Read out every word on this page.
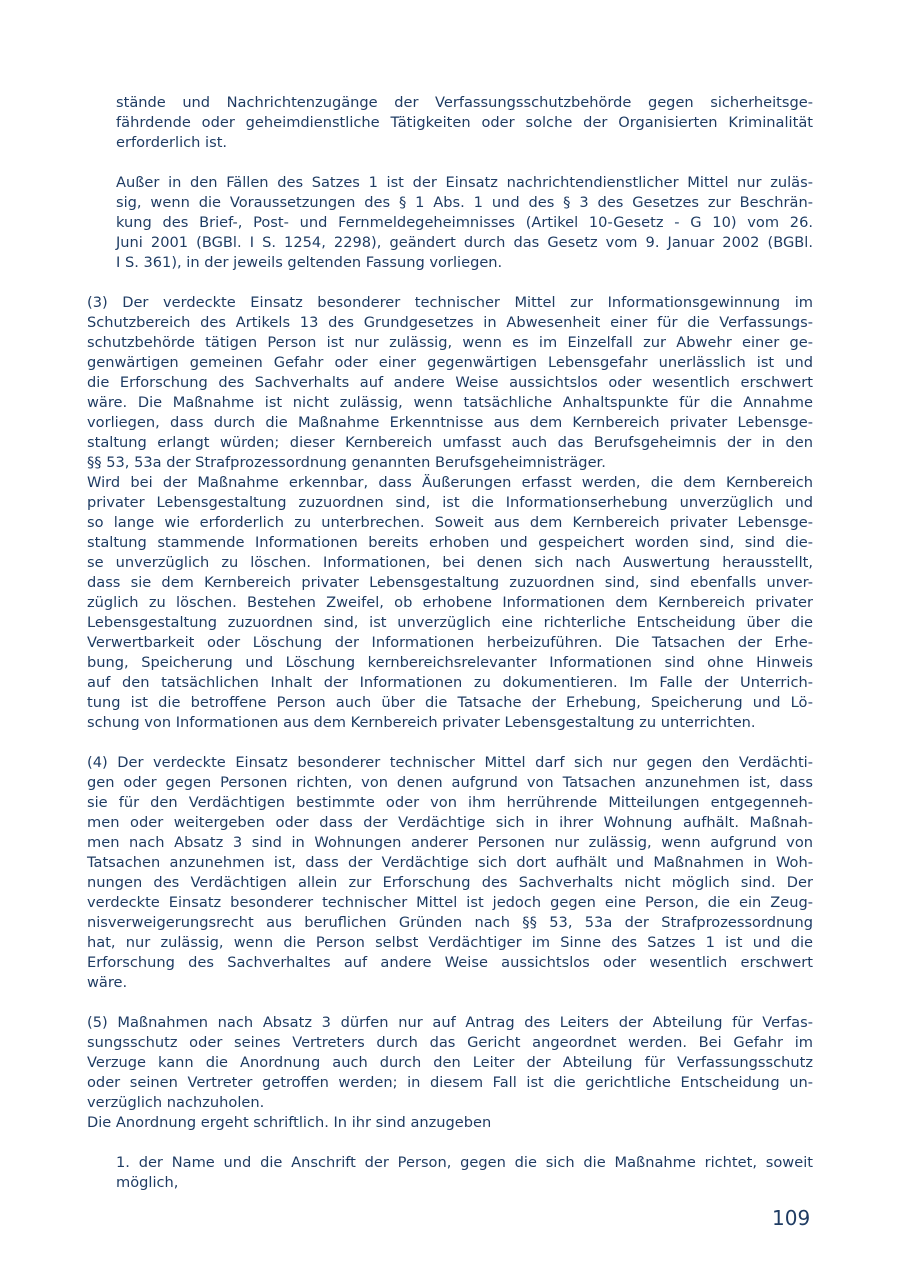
stände und Nachrichtenzugänge der Verfassungsschutzbehörde gegen sicherheitsge-
fährdende oder geheimdienstliche Tätigkeiten oder solche der Organisierten Kriminalität
erforderlich ist.
Außer in den Fällen des Satzes 1 ist der Einsatz nachrichtendienstlicher Mittel nur zuläs-
sig, wenn die Voraussetzungen des § 1 Abs. 1 und des § 3 des Gesetzes zur Beschrän-
kung des Brief-, Post- und Fernmeldegeheimnisses (Artikel 10-Gesetz - G 10) vom 26.
Juni 2001 (BGBl. I S. 1254, 2298), geändert durch das Gesetz vom 9. Januar 2002 (BGBl.
I S. 361), in der jeweils geltenden Fassung vorliegen.
(3) Der verdeckte Einsatz besonderer technischer Mittel zur Informationsgewinnung im
Schutzbereich des Artikels 13 des Grundgesetzes in Abwesenheit einer für die Verfassungs-
schutzbehörde tätigen Person ist nur zulässig, wenn es im Einzelfall zur Abwehr einer ge-
genwärtigen gemeinen Gefahr oder einer gegenwärtigen Lebensgefahr unerlässlich ist und
die Erforschung des Sachverhalts auf andere Weise aussichtslos oder wesentlich erschwert
wäre. Die Maßnahme ist nicht zulässig, wenn tatsächliche Anhaltspunkte für die Annahme
vorliegen, dass durch die Maßnahme Erkenntnisse aus dem Kernbereich privater Lebensge-
staltung erlangt würden; dieser Kernbereich umfasst auch das Berufsgeheimnis der in den
§§ 53, 53a der Strafprozessordnung genannten Berufsgeheimnisträger.
Wird bei der Maßnahme erkennbar, dass Äußerungen erfasst werden, die dem Kernbereich
privater Lebensgestaltung zuzuordnen sind, ist die Informationserhebung unverzüglich und
so lange wie erforderlich zu unterbrechen. Soweit aus dem Kernbereich privater Lebensge-
staltung stammende Informationen bereits erhoben und gespeichert worden sind, sind die-
se unverzüglich zu löschen. Informationen, bei denen sich nach Auswertung herausstellt,
dass sie dem Kernbereich privater Lebensgestaltung zuzuordnen sind, sind ebenfalls unver-
züglich zu löschen. Bestehen Zweifel, ob erhobene Informationen dem Kernbereich privater
Lebensgestaltung zuzuordnen sind, ist unverzüglich eine richterliche Entscheidung über die
Verwertbarkeit oder Löschung der Informationen herbeizuführen. Die Tatsachen der Erhe-
bung, Speicherung und Löschung kernbereichsrelevanter Informationen sind ohne Hinweis
auf den tatsächlichen Inhalt der Informationen zu dokumentieren. Im Falle der Unterrich-
tung ist die betroffene Person auch über die Tatsache der Erhebung, Speicherung und Lö-
schung von Informationen aus dem Kernbereich privater Lebensgestaltung zu unterrichten.
(4) Der verdeckte Einsatz besonderer technischer Mittel darf sich nur gegen den Verdächti-
gen oder gegen Personen richten, von denen aufgrund von Tatsachen anzunehmen ist, dass
sie für den Verdächtigen bestimmte oder von ihm herrührende Mitteilungen entgegenneh-
men oder weitergeben oder dass der Verdächtige sich in ihrer Wohnung aufhält. Maßnah-
men nach Absatz 3 sind in Wohnungen anderer Personen nur zulässig, wenn aufgrund von
Tatsachen anzunehmen ist, dass der Verdächtige sich dort aufhält und Maßnahmen in Woh-
nungen des Verdächtigen allein zur Erforschung des Sachverhalts nicht möglich sind. Der
verdeckte Einsatz besonderer technischer Mittel ist jedoch gegen eine Person, die ein Zeug-
nisverweigerungsrecht aus beruflichen Gründen nach §§ 53, 53a der Strafprozessordnung
hat, nur zulässig, wenn die Person selbst Verdächtiger im Sinne des Satzes 1 ist und die
Erforschung des Sachverhaltes auf andere Weise aussichtslos oder wesentlich erschwert
wäre.
(5) Maßnahmen nach Absatz 3 dürfen nur auf Antrag des Leiters der Abteilung für Verfas-
sungsschutz oder seines Vertreters durch das Gericht angeordnet werden. Bei Gefahr im
Verzuge kann die Anordnung auch durch den Leiter der Abteilung für Verfassungsschutz
oder seinen Vertreter getroffen werden; in diesem Fall ist die gerichtliche Entscheidung un-
verzüglich nachzuholen.
Die Anordnung ergeht schriftlich. In ihr sind anzugeben
1. der Name und die Anschrift der Person, gegen die sich die Maßnahme richtet, soweit
möglich,
109
